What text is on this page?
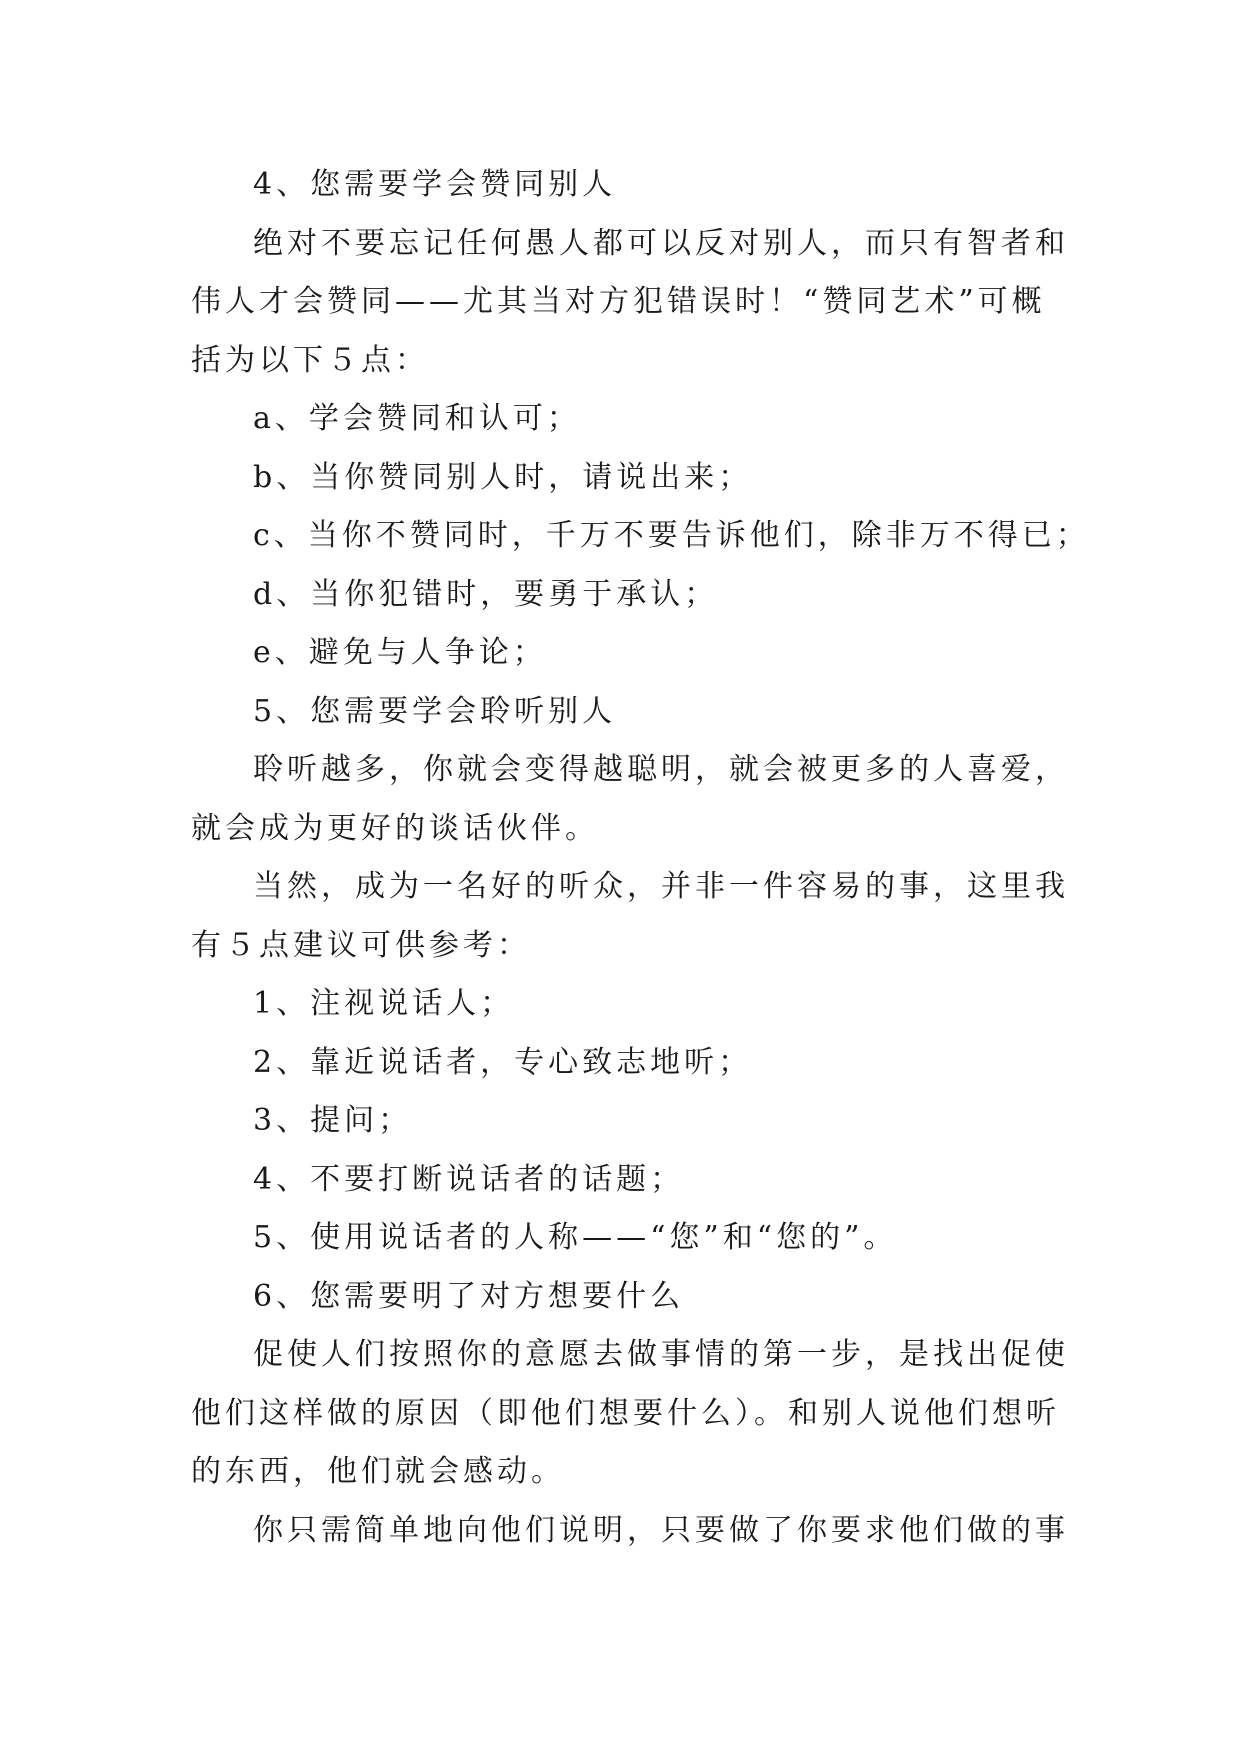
4、您需要学会赞同别人
绝对不要忘记任何愚人都可以反对别人，而只有智者和
伟人才会赞同——尤其当对方犯错误时！“赞同艺术”可概
括为以下５点：
a、学会赞同和认可；
b、当你赞同别人时，请说出来；
c、当你不赞同时，千万不要告诉他们，除非万不得已；
d、当你犯错时，要勇于承认；
e、避免与人争论；
5、您需要学会聆听别人
聆听越多，你就会变得越聪明，就会被更多的人喜爱，
就会成为更好的谈话伙伴。
当然，成为一名好的听众，并非一件容易的事，这里我
有５点建议可供参考：
1、注视说话人；
2、靠近说话者，专心致志地听；
3、提问；
4、不要打断说话者的话题；
5、使用说话者的人称——“您”和“您的”。
6、您需要明了对方想要什么
促使人们按照你的意愿去做事情的第一步，是找出促使
他们这样做的原因（即他们想要什么）。和别人说他们想听
的东西，他们就会感动。
你只需简单地向他们说明，只要做了你要求他们做的事
